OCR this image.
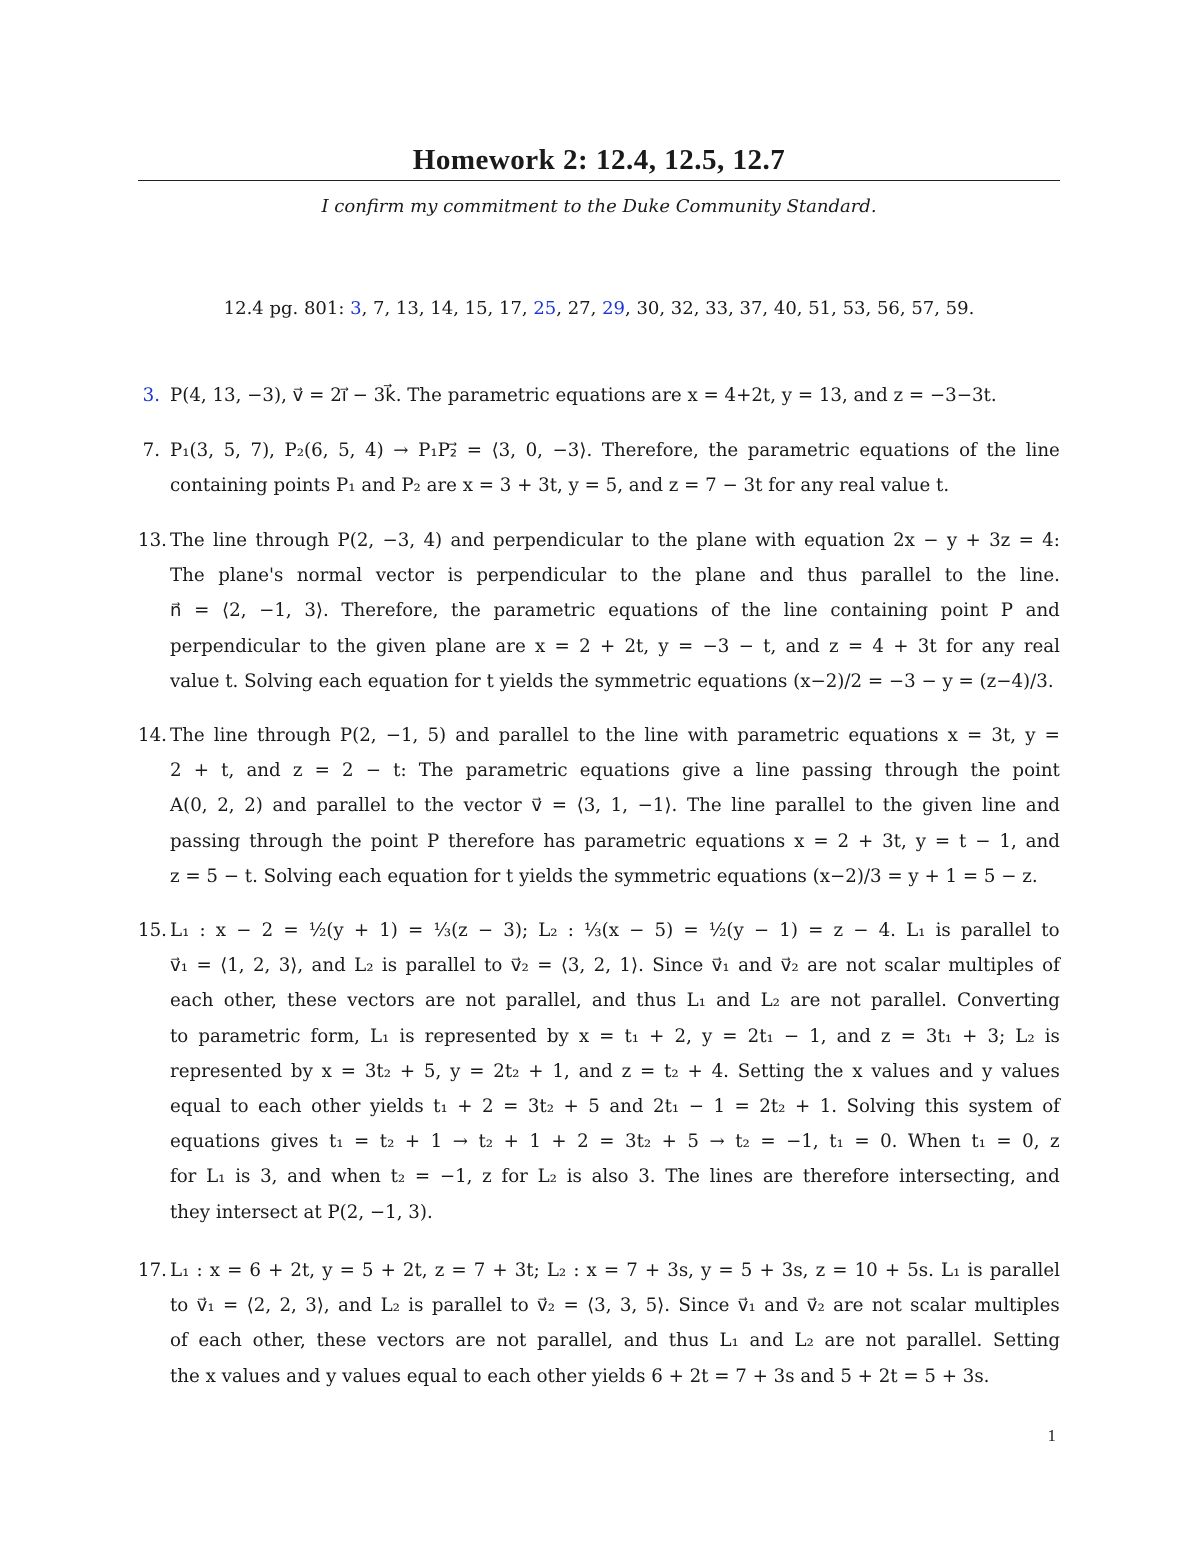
Homework 2: 12.4, 12.5, 12.7
I confirm my commitment to the Duke Community Standard.
12.4 pg. 801: 3, 7, 13, 14, 15, 17, 25, 27, 29, 30, 32, 33, 37, 40, 51, 53, 56, 57, 59.
3. P(4, 13, −3), v⃗ = 2i⃗ − 3k⃗. The parametric equations are x = 4+2t, y = 13, and z = −3−3t.
7. P₁(3, 5, 7), P₂(6, 5, 4) → P₁P₂⃗ = ⟨3, 0, −3⟩. Therefore, the parametric equations of the line
containing points P₁ and P₂ are x = 3 + 3t, y = 5, and z = 7 − 3t for any real value t.
13. The line through P(2, −3, 4) and perpendicular to the plane with equation 2x − y + 3z = 4:
The plane's normal vector is perpendicular to the plane and thus parallel to the line.
n⃗ = ⟨2, −1, 3⟩. Therefore, the parametric equations of the line containing point P and
perpendicular to the given plane are x = 2 + 2t, y = −3 − t, and z = 4 + 3t for any real
value t. Solving each equation for t yields the symmetric equations (x−2)/2 = −3 − y = (z−4)/3.
14. The line through P(2, −1, 5) and parallel to the line with parametric equations x = 3t, y =
2 + t, and z = 2 − t: The parametric equations give a line passing through the point
A(0, 2, 2) and parallel to the vector v⃗ = ⟨3, 1, −1⟩. The line parallel to the given line and
passing through the point P therefore has parametric equations x = 2 + 3t, y = t − 1, and
z = 5 − t. Solving each equation for t yields the symmetric equations (x−2)/3 = y + 1 = 5 − z.
15. L₁ : x − 2 = ½(y + 1) = ⅓(z − 3); L₂ : ⅓(x − 5) = ½(y − 1) = z − 4. L₁ is parallel to
v⃗₁ = ⟨1, 2, 3⟩, and L₂ is parallel to v⃗₂ = ⟨3, 2, 1⟩. Since v⃗₁ and v⃗₂ are not scalar multiples of
each other, these vectors are not parallel, and thus L₁ and L₂ are not parallel. Converting
to parametric form, L₁ is represented by x = t₁ + 2, y = 2t₁ − 1, and z = 3t₁ + 3; L₂ is
represented by x = 3t₂ + 5, y = 2t₂ + 1, and z = t₂ + 4. Setting the x values and y values
equal to each other yields t₁ + 2 = 3t₂ + 5 and 2t₁ − 1 = 2t₂ + 1. Solving this system of
equations gives t₁ = t₂ + 1 → t₂ + 1 + 2 = 3t₂ + 5 → t₂ = −1, t₁ = 0. When t₁ = 0, z
for L₁ is 3, and when t₂ = −1, z for L₂ is also 3. The lines are therefore intersecting, and
they intersect at P(2, −1, 3).
17. L₁ : x = 6 + 2t, y = 5 + 2t, z = 7 + 3t; L₂ : x = 7 + 3s, y = 5 + 3s, z = 10 + 5s. L₁ is parallel
to v⃗₁ = ⟨2, 2, 3⟩, and L₂ is parallel to v⃗₂ = ⟨3, 3, 5⟩. Since v⃗₁ and v⃗₂ are not scalar multiples
of each other, these vectors are not parallel, and thus L₁ and L₂ are not parallel. Setting
the x values and y values equal to each other yields 6 + 2t = 7 + 3s and 5 + 2t = 5 + 3s.
1
